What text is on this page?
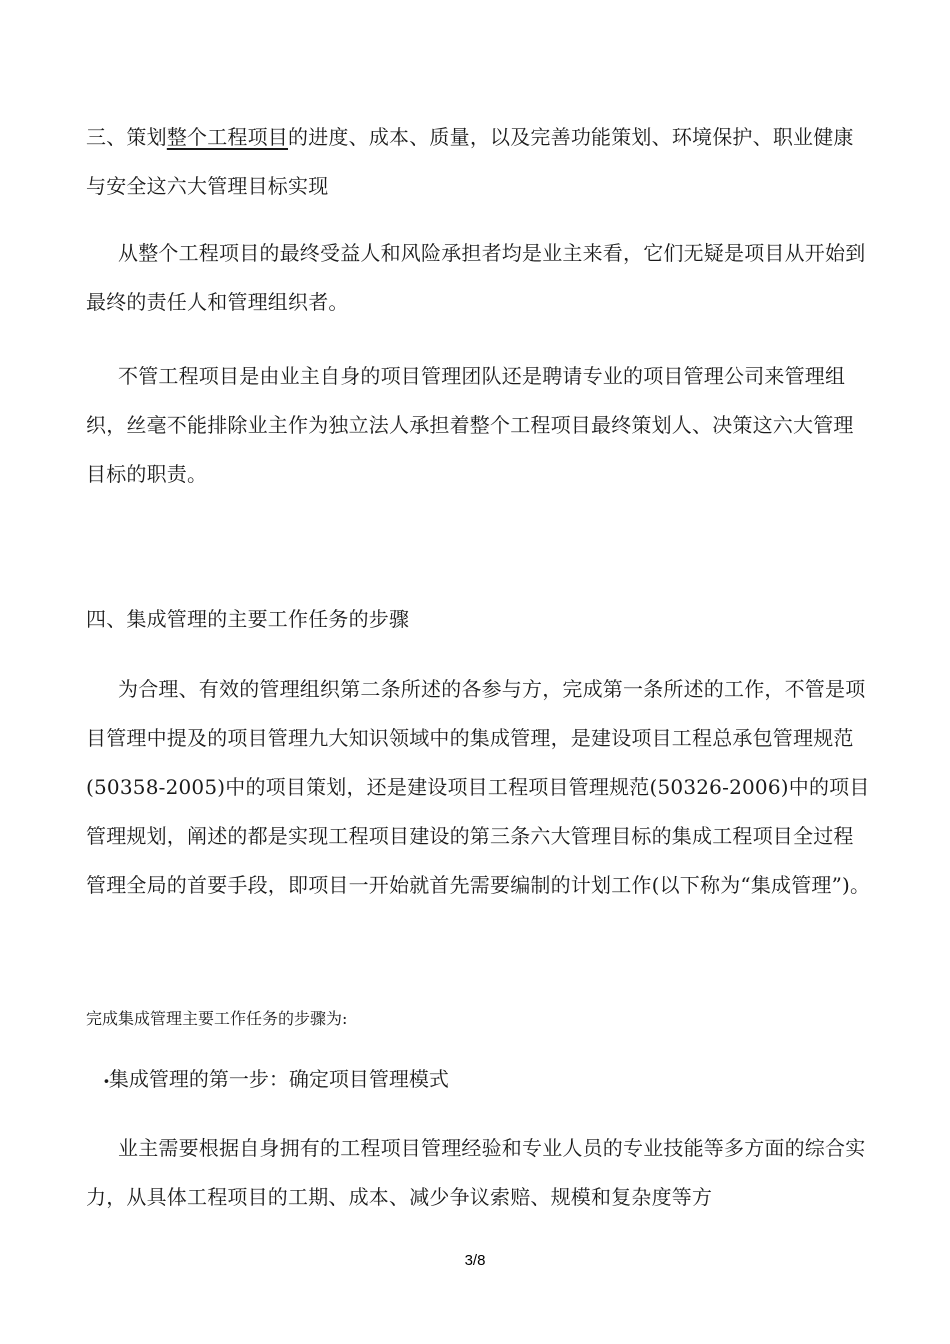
三、策划整个工程项目的进度、成本、质量，以及完善功能策划、环境保护、职业健康与安全这六大管理目标实现

从整个工程项目的最终受益人和风险承担者均是业主来看，它们无疑是项目从开始到最终的责任人和管理组织者。

不管工程项目是由业主自身的项目管理团队还是聘请专业的项目管理公司来管理组织，丝毫不能排除业主作为独立法人承担着整个工程项目最终策划人、决策这六大管理目标的职责。

四、集成管理的主要工作任务的步骤

为合理、有效的管理组织第二条所述的各参与方，完成第一条所述的工作，不管是项目管理中提及的项目管理九大知识领域中的集成管理，是建设项目工程总承包管理规范(50358-2005)中的项目策划，还是建设项目工程项目管理规范(50326-2006)中的项目管理规划，阐述的都是实现工程项目建设的第三条六大管理目标的集成工程项目全过程管理全局的首要手段，即项目一开始就首先需要编制的计划工作(以下称为“集成管理”)。

完成集成管理主要工作任务的步骤为:

•集成管理的第一步：确定项目管理模式

业主需要根据自身拥有的工程项目管理经验和专业人员的专业技能等多方面的综合实力，从具体工程项目的工期、成本、减少争议索赔、规模和复杂度等方

3/8
